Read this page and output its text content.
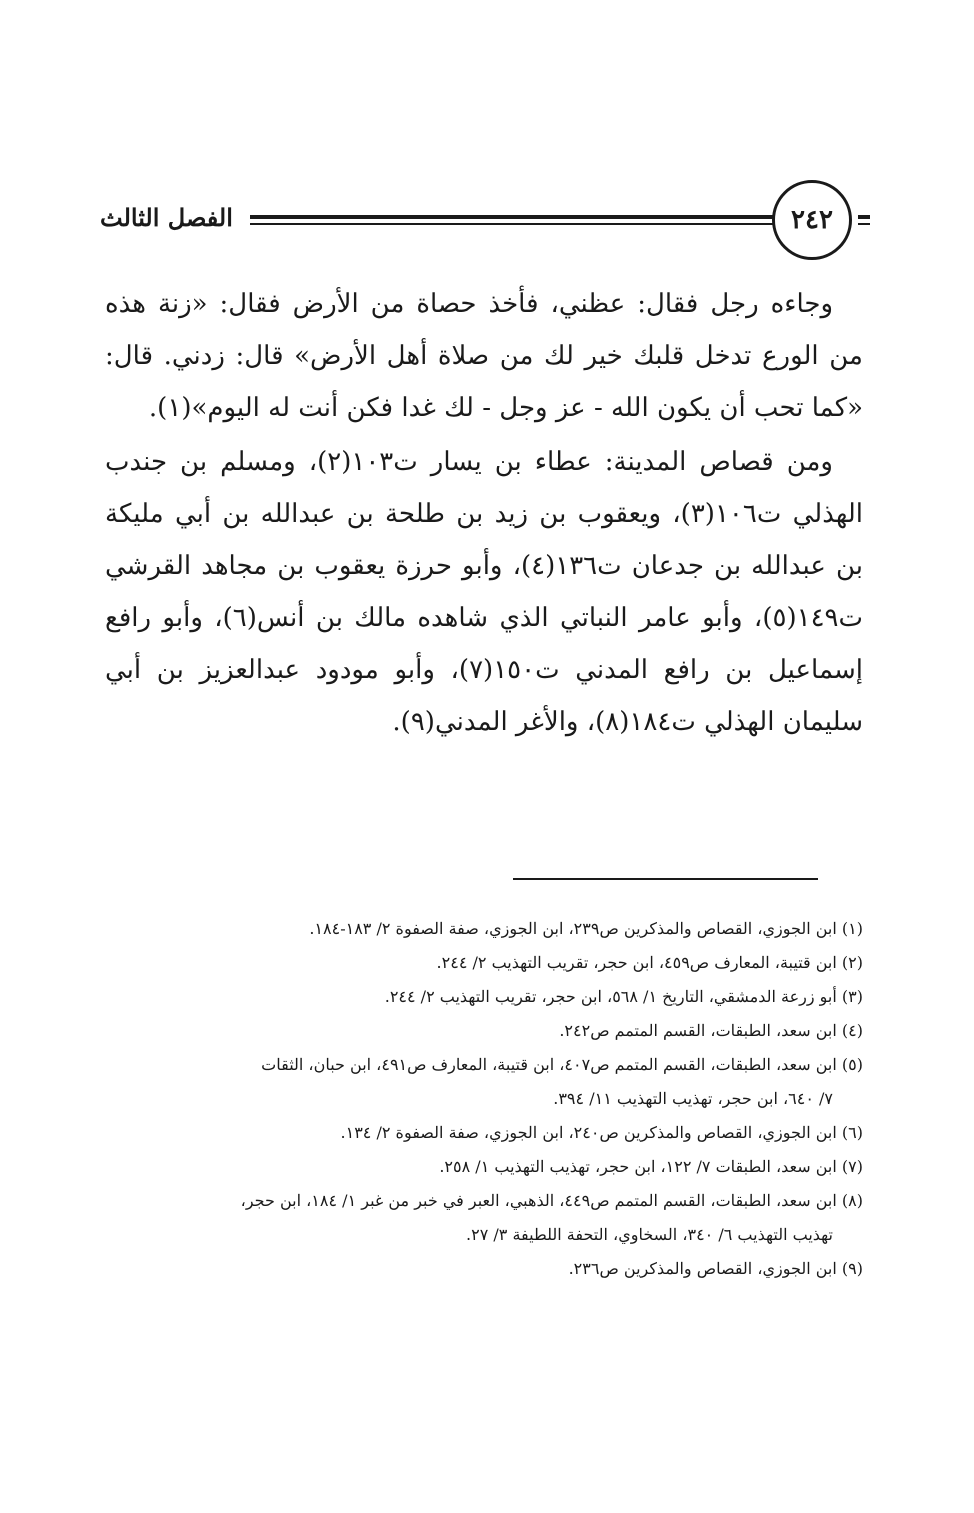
الفصل الثالث	٢٤٢

وجاءه رجل فقال: عظني، فأخذ حصاة من الأرض فقال: «زنة هذه من الورع تدخل قلبك خير لك من صلاة أهل الأرض» قال: زدني. قال: «كما تحب أن يكون الله - عز وجل - لك غدا فكن أنت له اليوم»(١).

ومن قصاص المدينة: عطاء بن يسار ت١٠٣(٢)، ومسلم بن جندب الهذلي ت١٠٦(٣)، ويعقوب بن زيد بن طلحة بن عبدالله بن أبي مليكة بن عبدالله بن جدعان ت١٣٦(٤)، وأبو حرزة يعقوب بن مجاهد القرشي ت١٤٩(٥)، وأبو عامر النباتي الذي شاهده مالك بن أنس(٦)، وأبو رافع إسماعيل بن رافع المدني ت١٥٠(٧)، وأبو مودود عبدالعزيز بن أبي سليمان الهذلي ت١٨٤(٨)، والأغر المدني(٩).

(١) ابن الجوزي، القصاص والمذكرين ص٢٣٩، ابن الجوزي، صفة الصفوة ٢/ ١٨٣-١٨٤.

(٢) ابن قتيبة، المعارف ص٤٥٩، ابن حجر، تقريب التهذيب ٢/ ٢٤٤.

(٣) أبو زرعة الدمشقي، التاريخ ١/ ٥٦٨، ابن حجر، تقريب التهذيب ٢/ ٢٤٤.

(٤) ابن سعد، الطبقات، القسم المتمم ص٢٤٢.

(٥) ابن سعد، الطبقات، القسم المتمم ص٤٠٧، ابن قتيبة، المعارف ص٤٩١، ابن حبان، الثقات
٧/ ٦٤٠، ابن حجر، تهذيب التهذيب ١١/ ٣٩٤.

(٦) ابن الجوزي، القصاص والمذكرين ص٢٤٠، ابن الجوزي، صفة الصفوة ٢/ ١٣٤.

(٧) ابن سعد، الطبقات ٧/ ١٢٢، ابن حجر، تهذيب التهذيب ١/ ٢٥٨.

(٨) ابن سعد، الطبقات، القسم المتمم ص٤٤٩، الذهبي، العبر في خبر من غبر ١/ ١٨٤، ابن حجر،
تهذيب التهذيب ٦/ ٣٤٠، السخاوي، التحفة اللطيفة ٣/ ٢٧.

(٩) ابن الجوزي، القصاص والمذكرين ص٢٣٦.
